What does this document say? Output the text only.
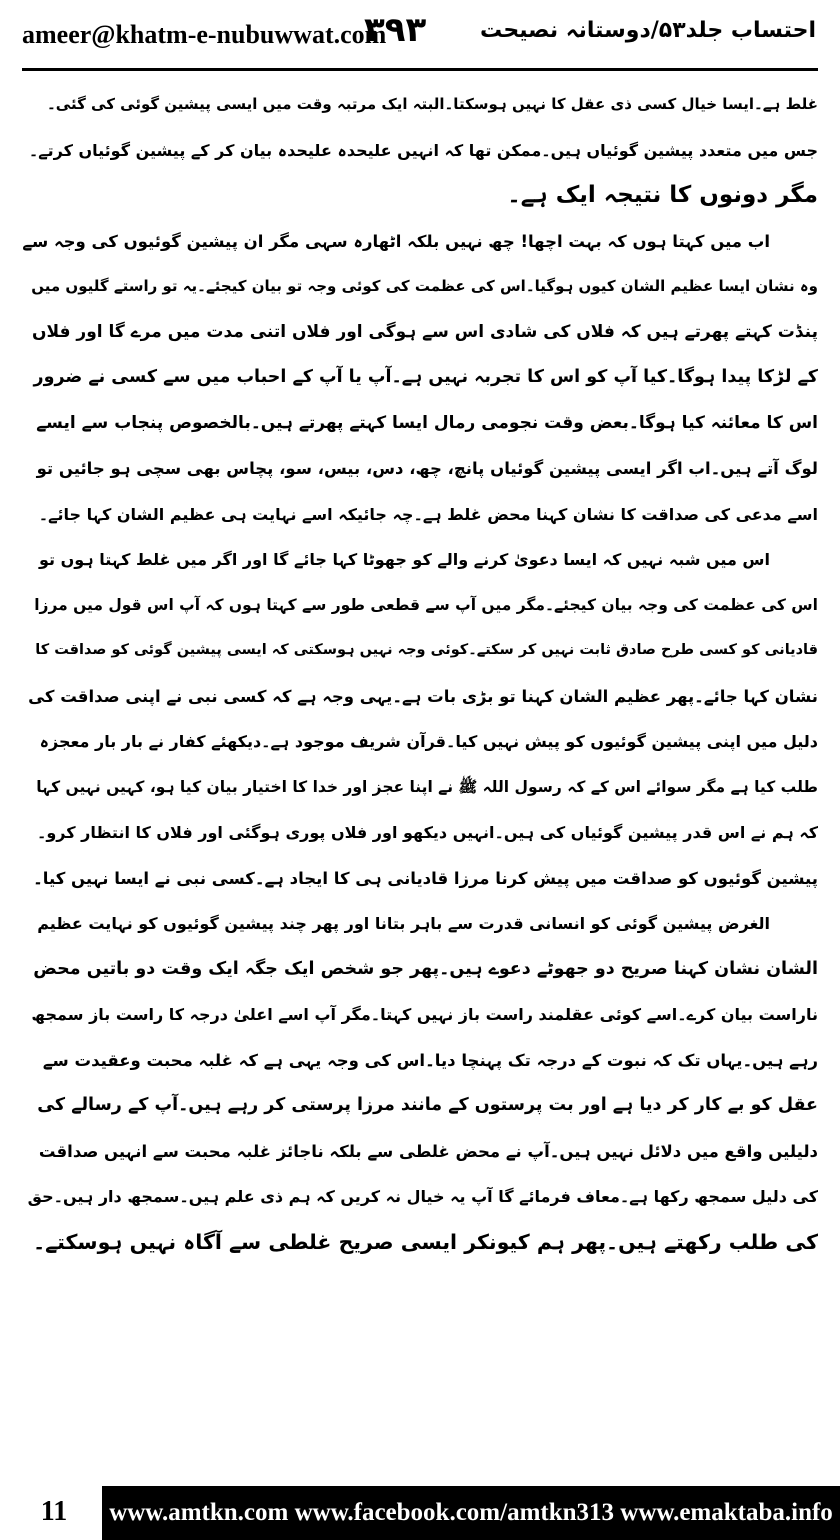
ameer@khatm-e-nubuwwat.com
۳۹۳ احتساب جلد۵۳/دوستانہ نصیحت
غلط ہے۔ایسا خیال کسی ذی عقل کا نہیں ہوسکتا۔البتہ ایک مرتبہ وقت میں ایسی پیشین گوئی کی گئی۔
جس میں متعدد پیشین گوئیاں ہیں۔ممکن تھا کہ انہیں علیحدہ علیحدہ بیان کر کے پیشین گوئیاں کرتے۔
مگر دونوں کا نتیجہ ایک ہے۔
اب میں کہتا ہوں کہ بہت اچھا! چھ نہیں بلکہ اٹھارہ سہی مگر ان پیشین گوئیوں کی وجہ سے
وہ نشان ایسا عظیم الشان کیوں ہوگیا۔اس کی عظمت کی کوئی وجہ تو بیان کیجئے۔یہ تو راستے گلیوں میں
پنڈت کہتے پھرتے ہیں کہ فلاں کی شادی اس سے ہوگی اور فلاں اتنی مدت میں مرے گا اور فلاں
کے لڑکا پیدا ہوگا۔کیا آپ کو اس کا تجربہ نہیں ہے۔آپ یا آپ کے احباب میں سے کسی نے ضرور
اس کا معائنہ کیا ہوگا۔بعض وقت نجومی رمال ایسا کہتے پھرتے ہیں۔بالخصوص پنجاب سے ایسے
لوگ آتے ہیں۔اب اگر ایسی پیشین گوئیاں پانچ، چھ، دس، بیس، سو، پچاس بھی سچی ہو جائیں تو
اسے مدعی کی صداقت کا نشان کہنا محض غلط ہے۔چہ جائیکہ اسے نہایت ہی عظیم الشان کہا جائے۔
اس میں شبہ نہیں کہ ایسا دعویٰ کرنے والے کو جھوٹا کہا جائے گا اور اگر میں غلط کہتا ہوں تو
اس کی عظمت کی وجہ بیان کیجئے۔مگر میں آپ سے قطعی طور سے کہتا ہوں کہ آپ اس قول میں مرزا
قادیانی کو کسی طرح صادق ثابت نہیں کر سکتے۔کوئی وجہ نہیں ہوسکتی کہ ایسی پیشین گوئی کو صداقت کا
نشان کہا جائے۔پھر عظیم الشان کہنا تو بڑی بات ہے۔یہی وجہ ہے کہ کسی نبی نے اپنی صداقت کی
دلیل میں اپنی پیشین گوئیوں کو پیش نہیں کیا۔قرآن شریف موجود ہے۔دیکھئے کفار نے بار بار معجزہ
طلب کیا ہے مگر سوائے اس کے کہ رسول اللہ ﷺ نے اپنا عجز اور خدا کا اختیار بیان کیا ہو، کہیں نہیں کہا
کہ ہم نے اس قدر پیشین گوئیاں کی ہیں۔انہیں دیکھو اور فلاں پوری ہوگئی اور فلاں کا انتظار کرو۔
پیشین گوئیوں کو صداقت میں پیش کرنا مرزا قادیانی ہی کا ایجاد ہے۔کسی نبی نے ایسا نہیں کیا۔
الغرض پیشین گوئی کو انسانی قدرت سے باہر بتانا اور پھر چند پیشین گوئیوں کو نہایت عظیم
الشان نشان کہنا صریح دو جھوٹے دعوے ہیں۔پھر جو شخص ایک جگہ ایک وقت دو باتیں محض
ناراست بیان کرے۔اسے کوئی عقلمند راست باز نہیں کہتا۔مگر آپ اسے اعلیٰ درجہ کا راست باز سمجھ
رہے ہیں۔یہاں تک کہ نبوت کے درجہ تک پہنچا دیا۔اس کی وجہ یہی ہے کہ غلبہ محبت وعقیدت سے
عقل کو بے کار کر دیا ہے اور بت پرستوں کے مانند مرزا پرستی کر رہے ہیں۔آپ کے رسالے کی
دلیلیں واقع میں دلائل نہیں ہیں۔آپ نے محض غلطی سے بلکہ ناجائز غلبہ محبت سے انہیں صداقت
کی دلیل سمجھ رکھا ہے۔معاف فرمائے گا آپ یہ خیال نہ کریں کہ ہم ذی علم ہیں۔سمجھ دار ہیں۔حق
کی طلب رکھتے ہیں۔پھر ہم کیونکر ایسی صریح غلطی سے آگاہ نہیں ہوسکتے۔
11	www.amtkn.com www.facebook.com/amtkn313 www.emaktaba.info
